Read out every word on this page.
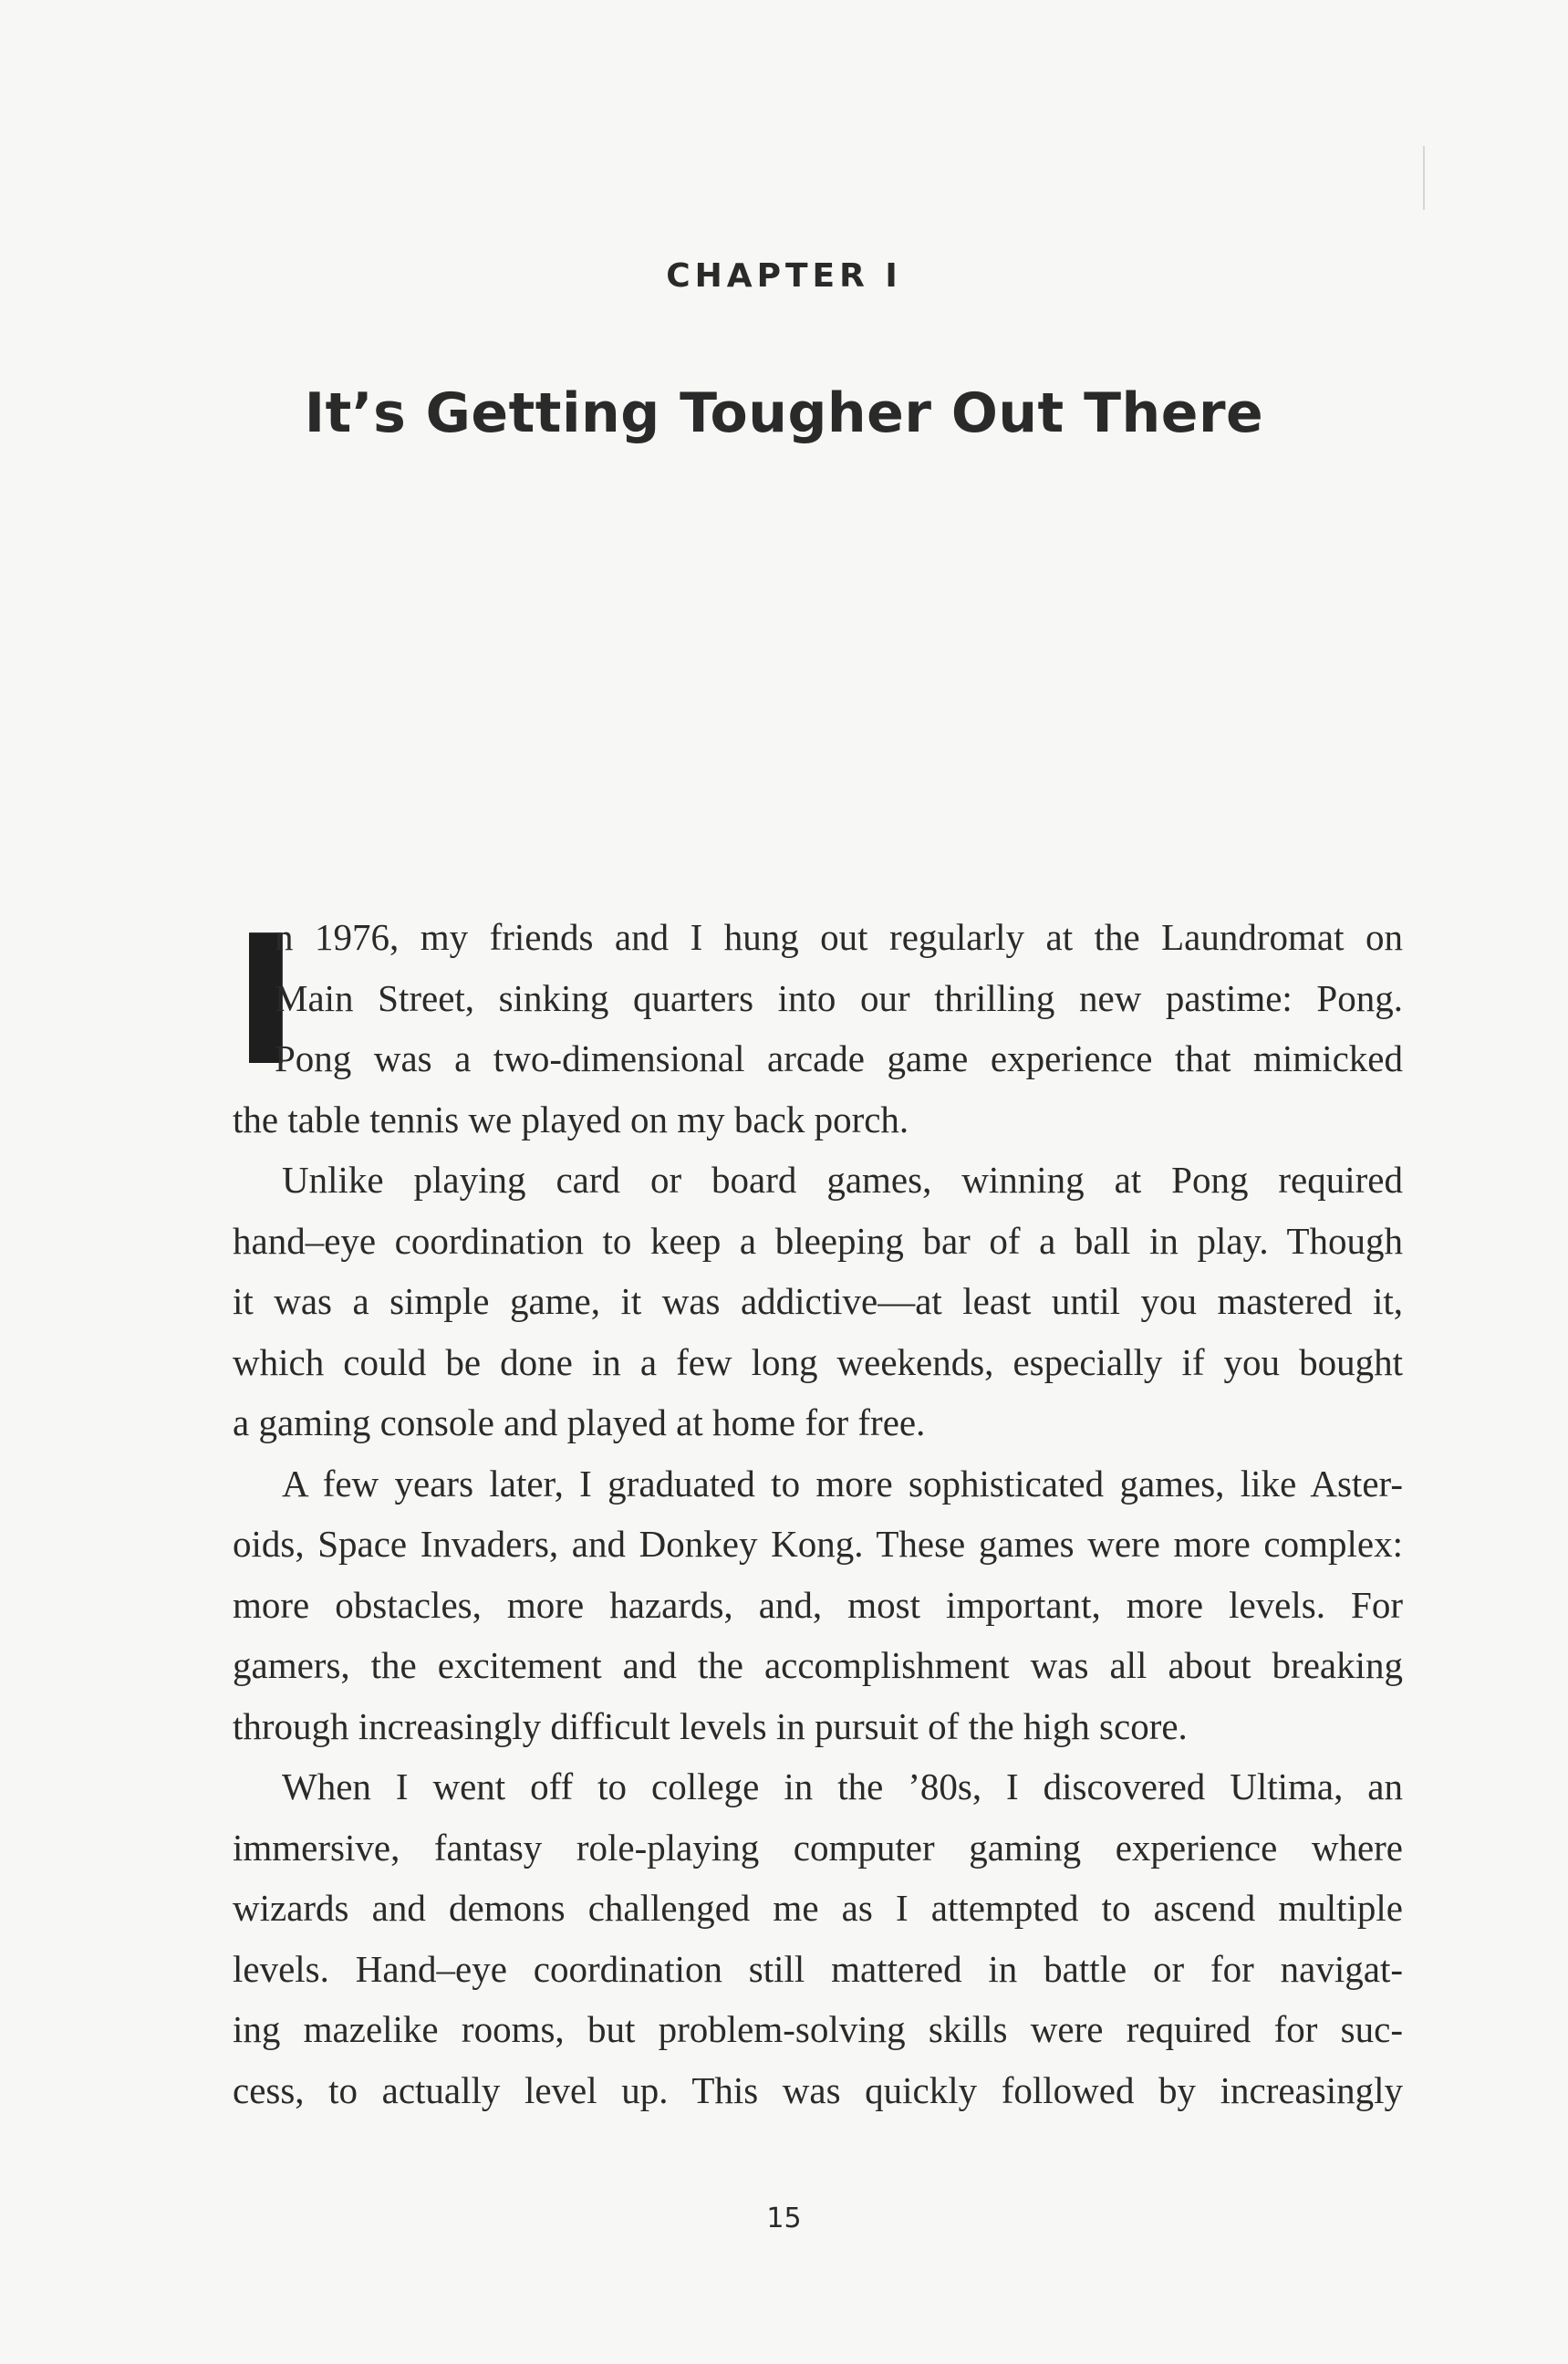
CHAPTER I
It’s Getting Tougher Out There
I
n 1976, my friends and I hung out regularly at the Laundromat on
Main Street, sinking quarters into our thrilling new pastime: Pong.
Pong was a two-dimensional arcade game experience that mimicked
the table tennis we played on my back porch.
Unlike playing card or board games, winning at Pong required
hand–eye coordination to keep a bleeping bar of a ball in play. Though
it was a simple game, it was addictive—at least until you mastered it,
which could be done in a few long weekends, especially if you bought
a gaming console and played at home for free.
A few years later, I graduated to more sophisticated games, like Aster-
oids, Space Invaders, and Donkey Kong. These games were more complex:
more obstacles, more hazards, and, most important, more levels. For
gamers, the excitement and the accomplishment was all about breaking
through increasingly difficult levels in pursuit of the high score.
When I went off to college in the ’80s, I discovered Ultima, an
immersive, fantasy role-playing computer gaming experience where
wizards and demons challenged me as I attempted to ascend multiple
levels. Hand–eye coordination still mattered in battle or for navigat-
ing mazelike rooms, but problem-solving skills were required for suc-
cess, to actually level up. This was quickly followed by increasingly
15
